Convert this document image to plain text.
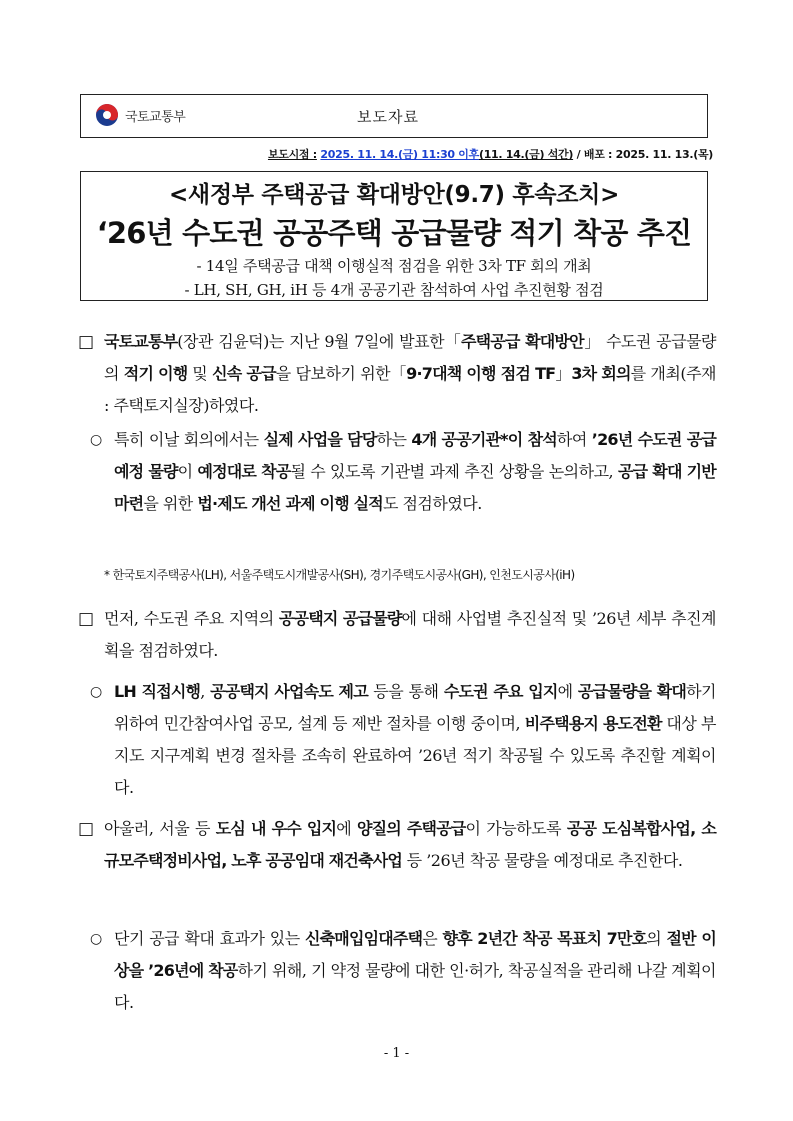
국토교통부	보도자료
보도시점 : 2025. 11. 14.(금) 11:30 이후(11. 14.(금) 석간) / 배포 : 2025. 11. 13.(목)
<새정부 주택공급 확대방안(9.7) 후속조치>
‘26년 수도권 공공주택 공급물량 적기 착공 추진
- 14일 주택공급 대책 이행실적 점검을 위한 3차 TF 회의 개최
- LH, SH, GH, iH 등 4개 공공기관 참석하여 사업 추진현황 점검
□ 국토교통부(장관 김윤덕)는 지난 9월 7일에 발표한「주택공급 확대방안」 수도권 공급물량의 적기 이행 및 신속 공급을 담보하기 위한「9·7대책 이행 점검 TF」3차 회의를 개최(주재 : 주택토지실장)하였다.
○ 특히 이날 회의에서는 실제 사업을 담당하는 4개 공공기관*이 참석하여 ’26년 수도권 공급 예정 물량이 예정대로 착공될 수 있도록 기관별 과제 추진 상황을 논의하고, 공급 확대 기반 마련을 위한 법·제도 개선 과제 이행 실적도 점검하였다.
* 한국토지주택공사(LH), 서울주택도시개발공사(SH), 경기주택도시공사(GH), 인천도시공사(iH)
□ 먼저, 수도권 주요 지역의 공공택지 공급물량에 대해 사업별 추진실적 및 ’26년 세부 추진계획을 점검하였다.
○ LH 직접시행, 공공택지 사업속도 제고 등을 통해 수도권 주요 입지에 공급물량을 확대하기 위하여 민간참여사업 공모, 설계 등 제반 절차를 이행 중이며, 비주택용지 용도전환 대상 부지도 지구계획 변경 절차를 조속히 완료하여 ’26년 적기 착공될 수 있도록 추진할 계획이다.
□ 아울러, 서울 등 도심 내 우수 입지에 양질의 주택공급이 가능하도록 공공 도심복합사업, 소규모주택정비사업, 노후 공공임대 재건축사업 등 ’26년 착공 물량을 예정대로 추진한다.
○ 단기 공급 확대 효과가 있는 신축매입임대주택은 향후 2년간 착공 목표치 7만호의 절반 이상을 ’26년에 착공하기 위해, 기 약정 물량에 대한 인·허가, 착공실적을 관리해 나갈 계획이다.
- 1 -
